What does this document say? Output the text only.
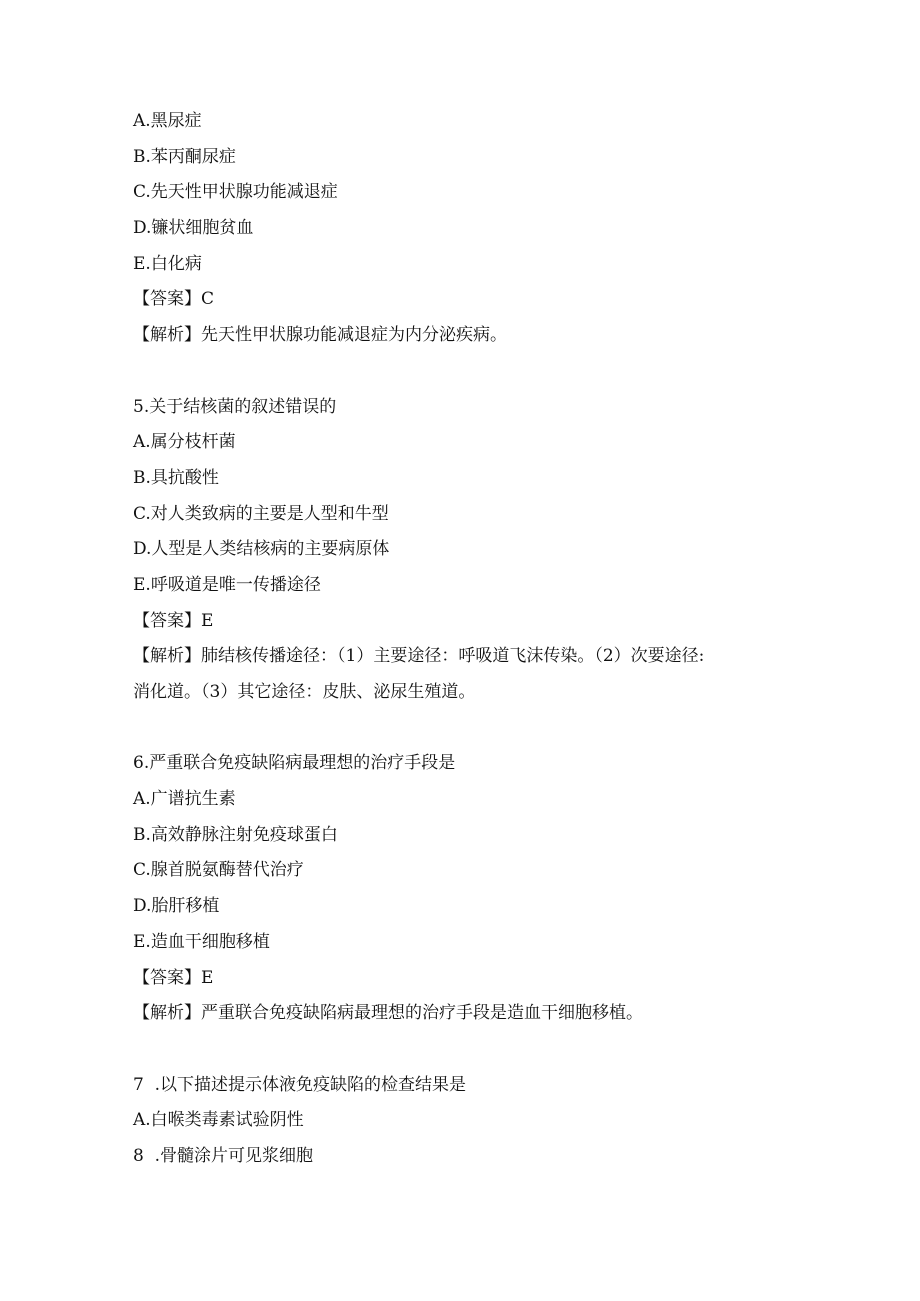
A.黑尿症
B.苯丙酮尿症
C.先天性甲状腺功能减退症
D.镰状细胞贫血
E.白化病
【答案】C
【解析】先天性甲状腺功能减退症为内分泌疾病。
5.关于结核菌的叙述错误的
A.属分枝杆菌
B.具抗酸性
C.对人类致病的主要是人型和牛型
D.人型是人类结核病的主要病原体
E.呼吸道是唯一传播途径
【答案】E
【解析】肺结核传播途径：（1）主要途径：呼吸道飞沫传染。（2）次要途径:
消化道。（3）其它途径：皮肤、泌尿生殖道。
6.严重联合免疫缺陷病最理想的治疗手段是
A.广谱抗生素
B.高效静脉注射免疫球蛋白
C.腺首脱氨酶替代治疗
D.胎肝移植
E.造血干细胞移植
【答案】E
【解析】严重联合免疫缺陷病最理想的治疗手段是造血干细胞移植。
7  .以下描述提示体液免疫缺陷的检查结果是
A.白喉类毒素试验阴性
8  .骨髓涂片可见浆细胞
